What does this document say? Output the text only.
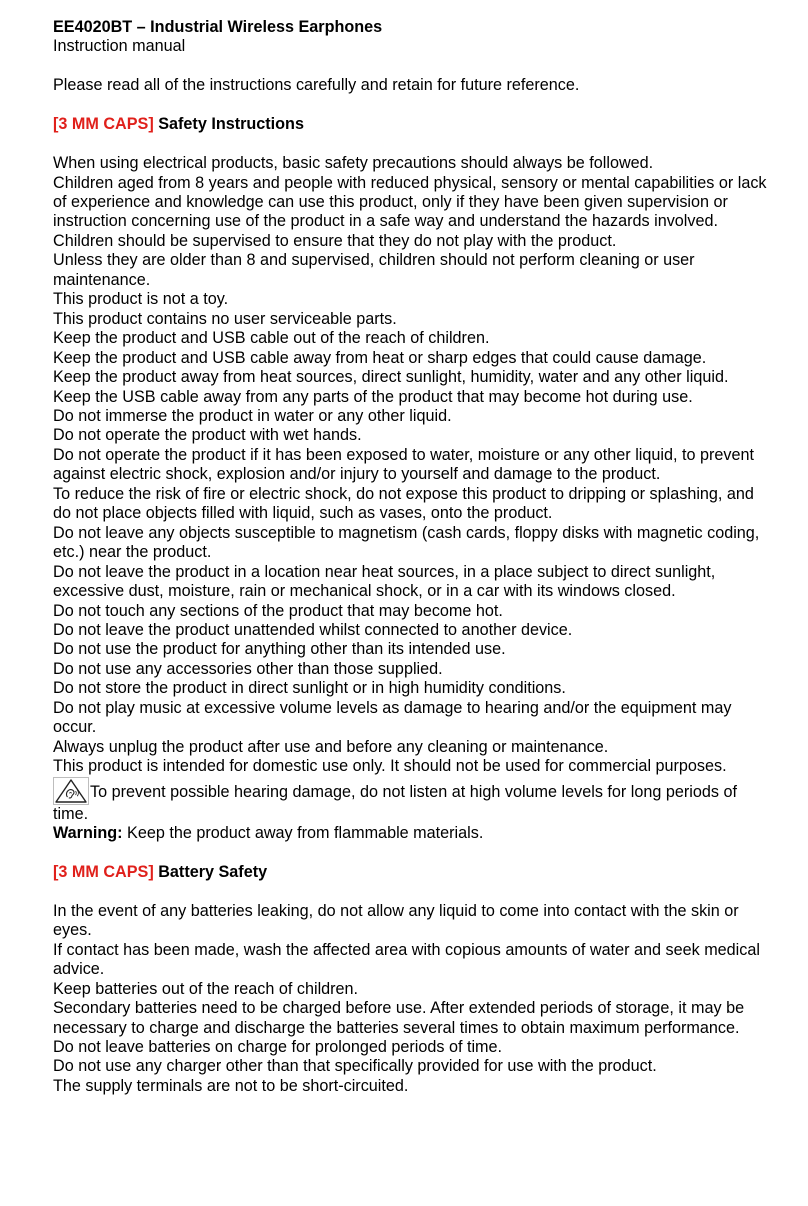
EE4020BT – Industrial Wireless Earphones

Instruction manual

Please read all of the instructions carefully and retain for future reference.

[3 MM CAPS] Safety Instructions

When using electrical products, basic safety precautions should always be followed.

Children aged from 8 years and people with reduced physical, sensory or mental capabilities or lack of experience and knowledge can use this product, only if they have been given supervision or instruction concerning use of the product in a safe way and understand the hazards involved.

Children should be supervised to ensure that they do not play with the product.

Unless they are older than 8 and supervised, children should not perform cleaning or user maintenance.

This product is not a toy.

This product contains no user serviceable parts.

Keep the product and USB cable out of the reach of children.

Keep the product and USB cable away from heat or sharp edges that could cause damage.

Keep the product away from heat sources, direct sunlight, humidity, water and any other liquid.

Keep the USB cable away from any parts of the product that may become hot during use.

Do not immerse the product in water or any other liquid.

Do not operate the product with wet hands.

Do not operate the product if it has been exposed to water, moisture or any other liquid, to prevent against electric shock, explosion and/or injury to yourself and damage to the product.

To reduce the risk of fire or electric shock, do not expose this product to dripping or splashing, and do not place objects filled with liquid, such as vases, onto the product.

Do not leave any objects susceptible to magnetism (cash cards, floppy disks with magnetic coding, etc.) near the product.

Do not leave the product in a location near heat sources, in a place subject to direct sunlight, excessive dust, moisture, rain or mechanical shock, or in a car with its windows closed.

Do not touch any sections of the product that may become hot.

Do not leave the product unattended whilst connected to another device.

Do not use the product for anything other than its intended use.

Do not use any accessories other than those supplied.

Do not store the product in direct sunlight or in high humidity conditions.

Do not play music at excessive volume levels as damage to hearing and/or the equipment may occur.

Always unplug the product after use and before any cleaning or maintenance.

This product is intended for domestic use only. It should not be used for commercial purposes.

To prevent possible hearing damage, do not listen at high volume levels for long periods of time.

Warning: Keep the product away from flammable materials.

[3 MM CAPS] Battery Safety

In the event of any batteries leaking, do not allow any liquid to come into contact with the skin or eyes.

If contact has been made, wash the affected area with copious amounts of water and seek medical advice.

Keep batteries out of the reach of children.

Secondary batteries need to be charged before use. After extended periods of storage, it may be necessary to charge and discharge the batteries several times to obtain maximum performance.

Do not leave batteries on charge for prolonged periods of time.

Do not use any charger other than that specifically provided for use with the product.

The supply terminals are not to be short-circuited.
